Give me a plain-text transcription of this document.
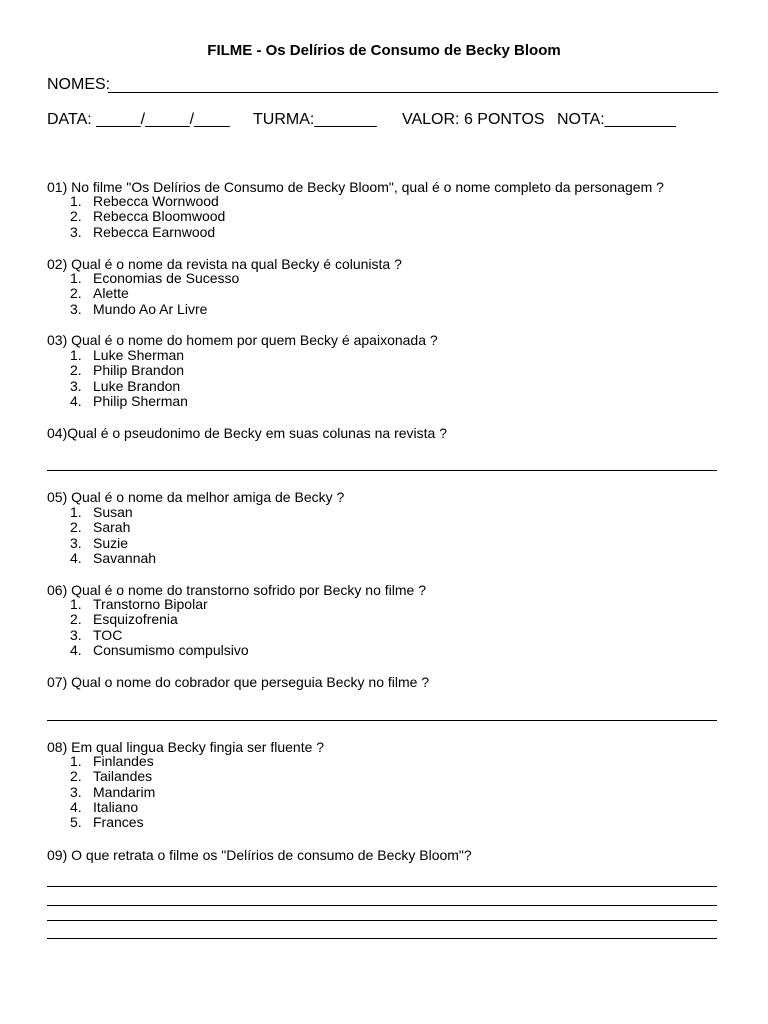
FILME - Os Delírios de Consumo de Becky Bloom
NOMES:
DATA: _____/_____/____ TURMA:_______ VALOR: 6 PONTOS NOTA:________
01) No filme "Os Delírios de Consumo de Becky Bloom", qual é o nome completo da personagem ?
1. Rebecca Wornwood
2. Rebecca Bloomwood
3. Rebecca Earnwood
02) Qual é o nome da revista na qual Becky é colunista ?
1. Economias de Sucesso
2. Alette
3. Mundo Ao Ar Livre
03) Qual é o nome do homem por quem Becky é apaixonada ?
1. Luke Sherman
2. Philip Brandon
3. Luke Brandon
4. Philip Sherman
04)Qual é o pseudonimo de Becky em suas colunas na revista ?
05) Qual é o nome da melhor amiga de Becky ?
1. Susan
2. Sarah
3. Suzie
4. Savannah
06) Qual é o nome do transtorno sofrido por Becky no filme ?
1. Transtorno Bipolar
2. Esquizofrenia
3. TOC
4. Consumismo compulsivo
07) Qual o nome do cobrador que perseguia Becky no filme ?
08) Em qual lingua Becky fingia ser fluente ?
1. Finlandes
2. Tailandes
3. Mandarim
4. Italiano
5. Frances
09) O que retrata o filme os "Delírios de consumo de Becky Bloom"?
